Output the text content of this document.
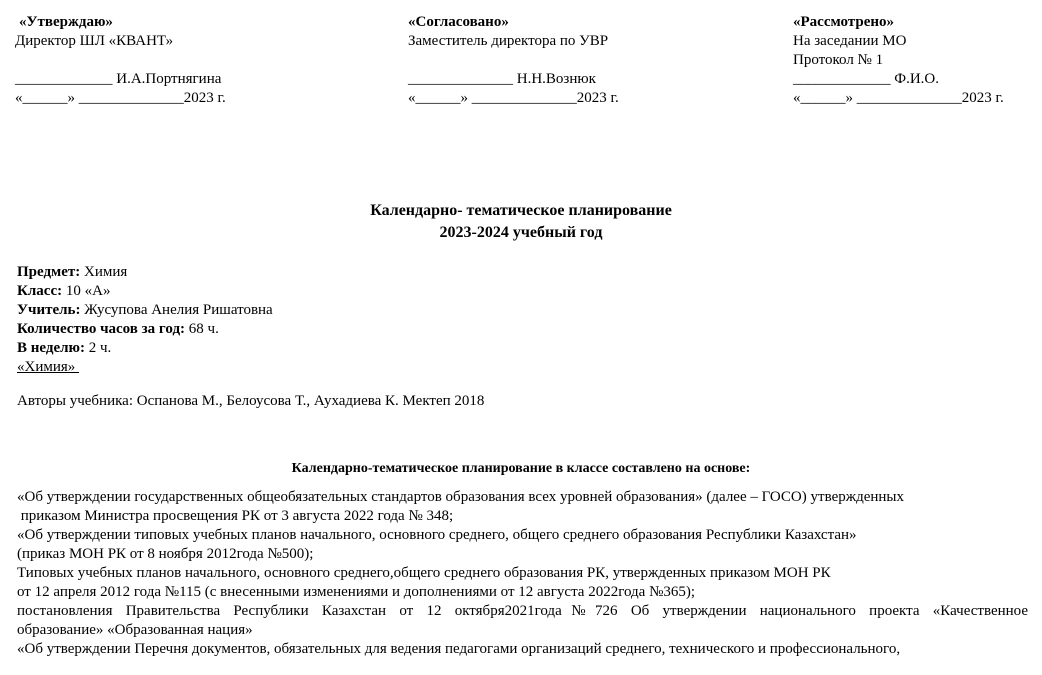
«Утверждаю»
Директор ШЛ «КВАНТ»
_____________ И.А.Портнягина
«______» ______________2023 г.
«Согласовано»
Заместитель директора по УВР
______________ Н.Н.Вознюк
«______» ______________2023 г.
«Рассмотрено»
На заседании МО
Протокол № 1
_____________ Ф.И.О.
«______» ______________2023 г.
Календарно- тематическое планирование
2023-2024 учебный год
Предмет: Химия
Класс: 10 «А»
Учитель: Жусупова Анелия Ришатовна
Количество часов за год: 68 ч.
В неделю: 2 ч.
«Химия»
Авторы учебника: Оспанова М., Белоусова Т., Аухадиева К. Мектеп 2018
Календарно-тематическое планирование в классе составлено на основе:
«Об утверждении государственных общеобязательных стандартов образования всех уровней образования» (далее – ГОСО) утвержденных
приказом Министра просвещения РК от 3 августа 2022 года № 348;
«Об утверждении типовых учебных планов начального, основного среднего, общего среднего образования Республики Казахстан»
(приказ МОН РК от 8 ноября 2012года №500);
Типовых учебных планов начального, основного среднего,общего среднего образования РК, утвержденных приказом МОН РК
от 12 апреля 2012 года №115 (с внесенными изменениями и дополнениями от 12 августа 2022года №365);
постановления Правительства Республики Казахстан от 12 октября2021года№726 Об утверждении национального проекта «Качественное
образование» «Образованная нация»
«Об утверждении Перечня документов, обязательных для ведения педагогами организаций среднего, технического и профессионального,
